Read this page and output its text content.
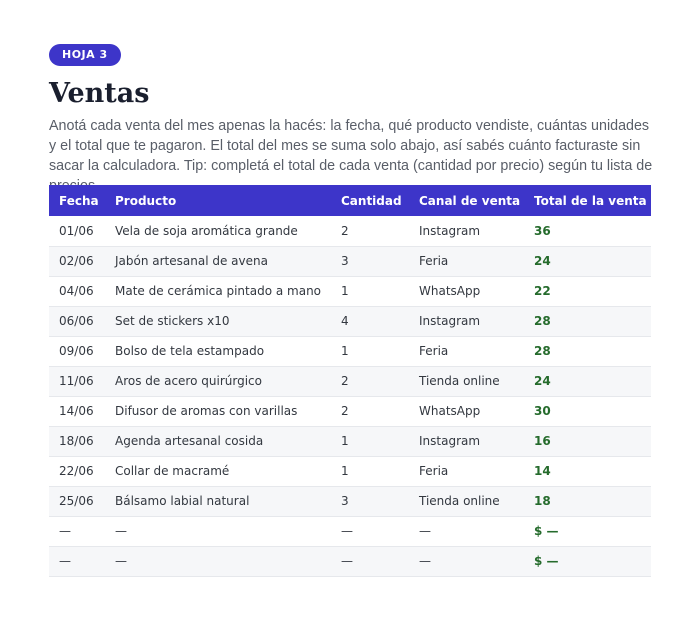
HOJA 3
Ventas

Anotá cada venta del mes apenas la hacés: la fecha, qué producto vendiste, cuántas unidades y el total que te pagaron. El total del mes se suma solo abajo, así sabés cuánto facturaste sin sacar la calculadora. Tip: completá el total de cada venta (cantidad por precio) según tu lista de precios.

Fecha	Producto	Cantidad	Canal de venta	Total de la venta
01/06	Vela de soja aromática grande	2	Instagram	36
02/06	Jabón artesanal de avena	3	Feria	24
04/06	Mate de cerámica pintado a mano	1	WhatsApp	22
06/06	Set de stickers x10	4	Instagram	28
09/06	Bolso de tela estampado	1	Feria	28
11/06	Aros de acero quirúrgico	2	Tienda online	24
14/06	Difusor de aromas con varillas	2	WhatsApp	30
18/06	Agenda artesanal cosida	1	Instagram	16
22/06	Collar de macramé	1	Feria	14
25/06	Bálsamo labial natural	3	Tienda online	18
—	—	—	—	$ —
—	—	—	—	$ —
